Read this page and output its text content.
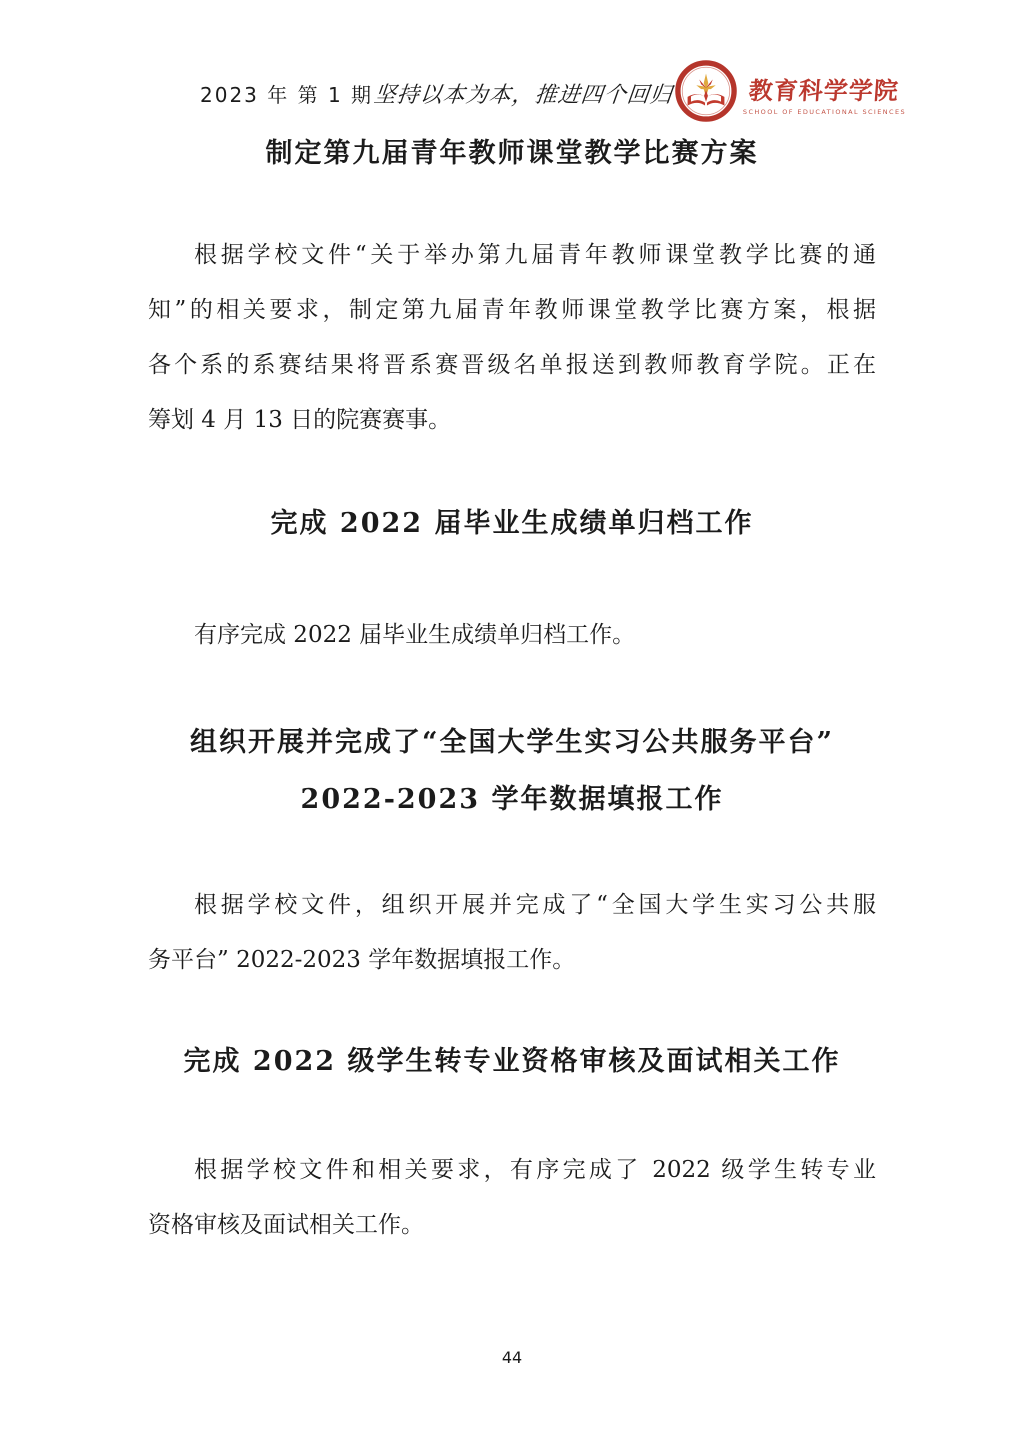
2023 年 第 1 期 坚持以本为本，推进四个回归	教育科学学院
SCHOOL OF EDUCATIONAL SCIENCES
制定第九届青年教师课堂教学比赛方案
根据学校文件“关于举办第九届青年教师课堂教学比赛的通
知”的相关要求，制定第九届青年教师课堂教学比赛方案，根据
各个系的系赛结果将晋系赛晋级名单报送到教师教育学院。正在
筹划 4 月 13 日的院赛赛事。
完成 2022 届毕业生成绩单归档工作
有序完成 2022 届毕业生成绩单归档工作。
组织开展并完成了“全国大学生实习公共服务平台”
2022-2023 学年数据填报工作
根据学校文件，组织开展并完成了“全国大学生实习公共服
务平台” 2022-2023 学年数据填报工作。
完成 2022 级学生转专业资格审核及面试相关工作
根据学校文件和相关要求，有序完成了 2022 级学生转专业
资格审核及面试相关工作。
44
